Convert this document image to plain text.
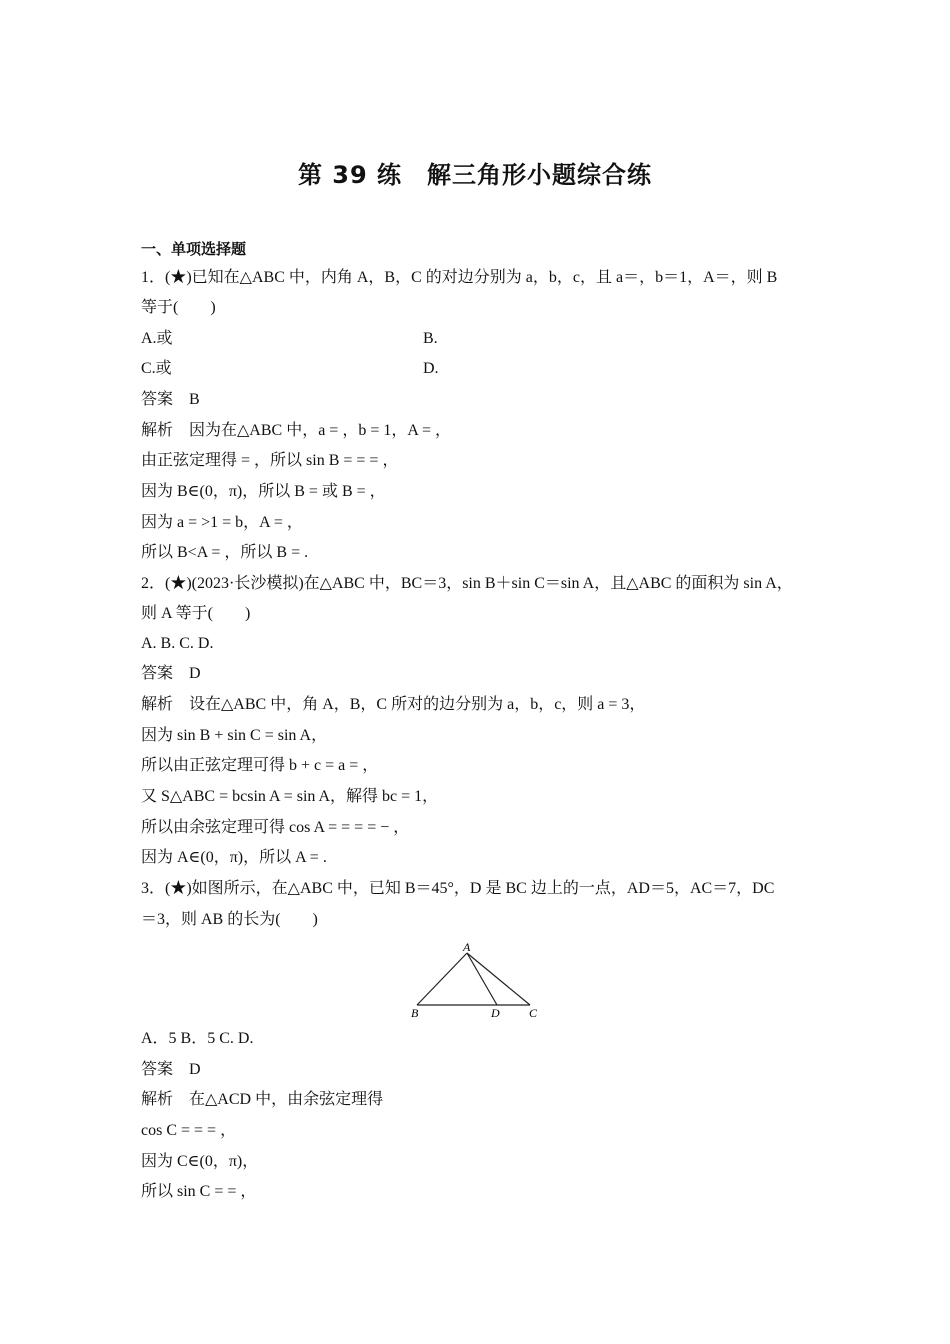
第 39 练　解三角形小题综合练
一、单项选择题
1．(★)已知在△ABC 中，内角 A，B，C 的对边分别为 a，b，c，且 a＝，b＝1，A＝，则 B
等于(　　)
A.或	B.
C.或	D.
答案　B
解析　因为在△ABC 中，a = ，b = 1，A = ，
由正弦定理得 = ，所以 sin B = = = ，
因为 B∈(0，π)，所以 B = 或 B = ，
因为 a = >1 = b，A = ，
所以 B<A = ，所以 B = .
2．(★)(2023·长沙模拟)在△ABC 中，BC＝3，sin B＋sin C＝sin A，且△ABC 的面积为 sin A，
则 A 等于(　　)
A. B. C. D.
答案　D
解析　设在△ABC 中，角 A，B，C 所对的边分别为 a，b，c，则 a = 3，
因为 sin B + sin C = sin A，
所以由正弦定理可得 b + c = a = ，
又 S△ABC = bcsin A = sin A，解得 bc = 1，
所以由余弦定理可得 cos A = = = = − ，
因为 A∈(0，π)，所以 A = .
3．(★)如图所示，在△ABC 中，已知 B＝45°，D 是 BC 边上的一点，AD＝5，AC＝7，DC
＝3，则 AB 的长为(　　)
A
B	D C
A．5 B．5 C. D.
答案　D
解析　在△ACD 中，由余弦定理得
cos C = = = ，
因为 C∈(0，π)，
所以 sin C = = ，
